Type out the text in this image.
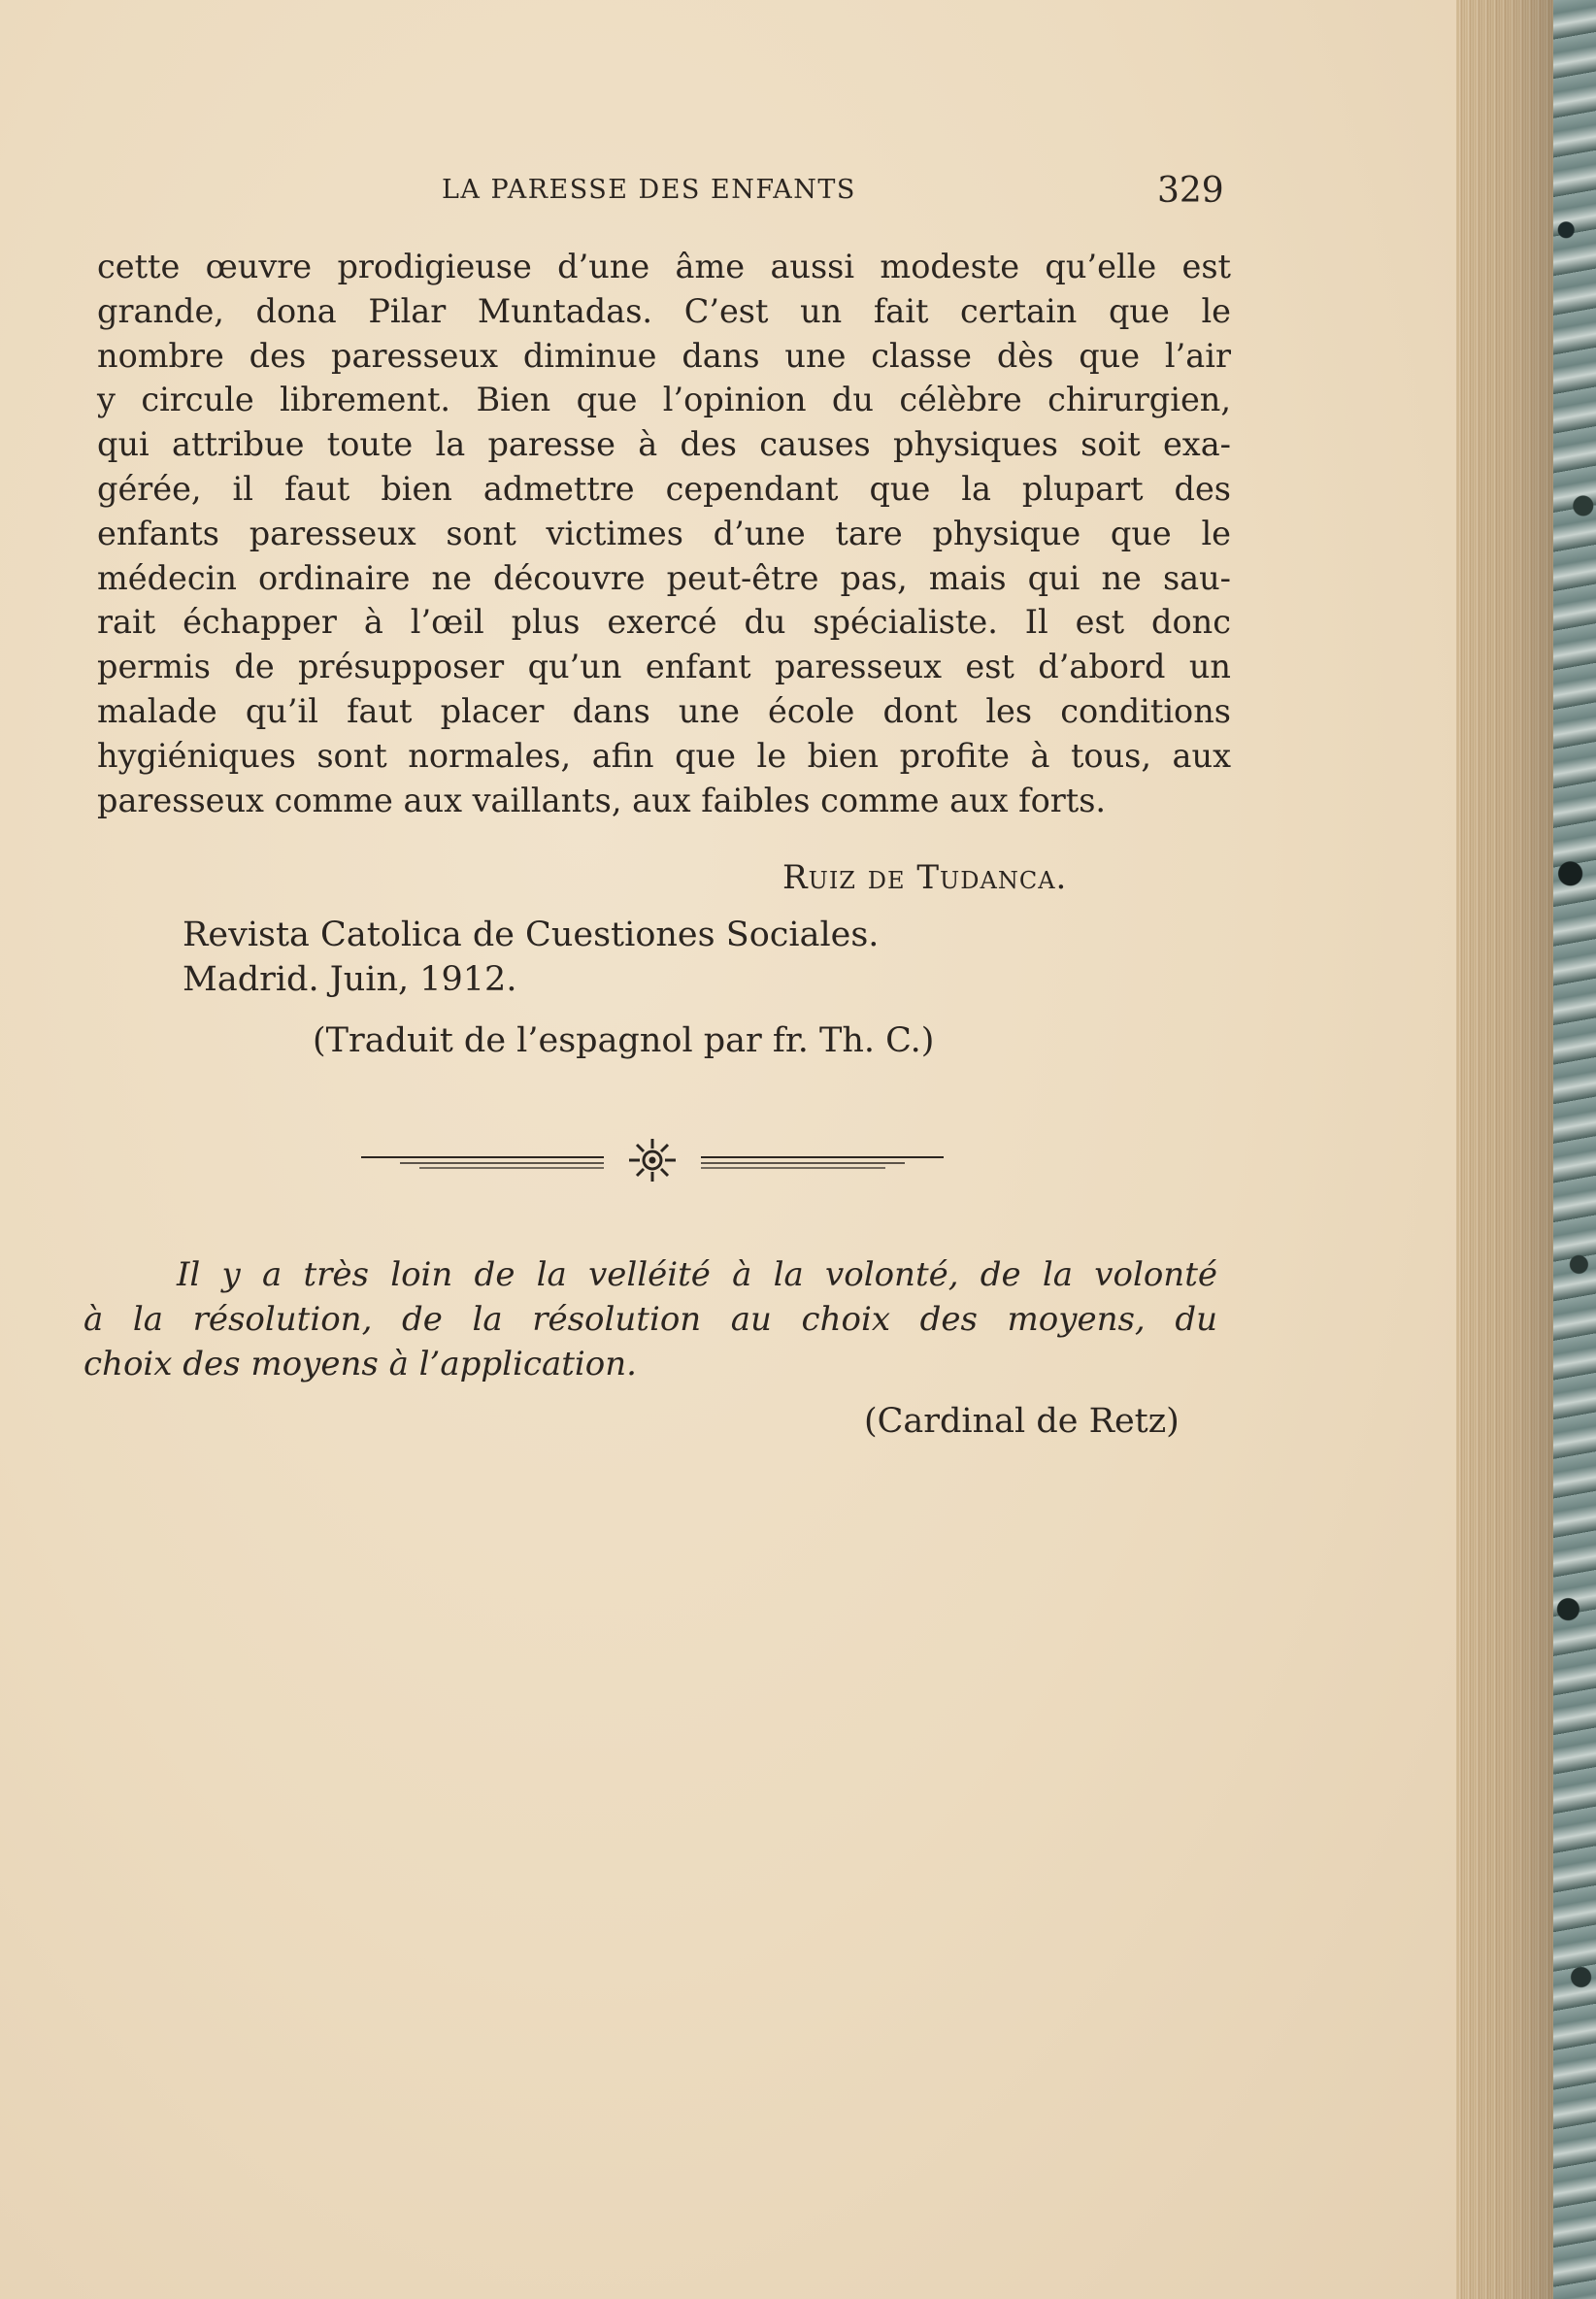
LA PARESSE DES ENFANTS	329

cette œuvre prodigieuse d’une âme aussi modeste qu’elle est
grande, dona Pilar Muntadas. C’est un fait certain que le
nombre des paresseux diminue dans une classe dès que l’air
y circule librement. Bien que l’opinion du célèbre chirurgien,
qui attribue toute la paresse à des causes physiques soit exa-
gérée, il faut bien admettre cependant que la plupart des
enfants paresseux sont victimes d’une tare physique que le
médecin ordinaire ne découvre peut-être pas, mais qui ne sau-
rait échapper à l’œil plus exercé du spécialiste. Il est donc
permis de présupposer qu’un enfant paresseux est d’abord un
malade qu’il faut placer dans une école dont les conditions
hygiéniques sont normales, afin que le bien profite à tous, aux
paresseux comme aux vaillants, aux faibles comme aux forts.

Ruiz de Tudanca.
Revista Catolica de Cuestiones Sociales.
Madrid. Juin, 1912.
(Traduit de l’espagnol par fr. Th. C.)

Il y a très loin de la velléité à la volonté, de la volonté
à la résolution, de la résolution au choix des moyens, du
choix des moyens à l’application.

(Cardinal de Retz)
